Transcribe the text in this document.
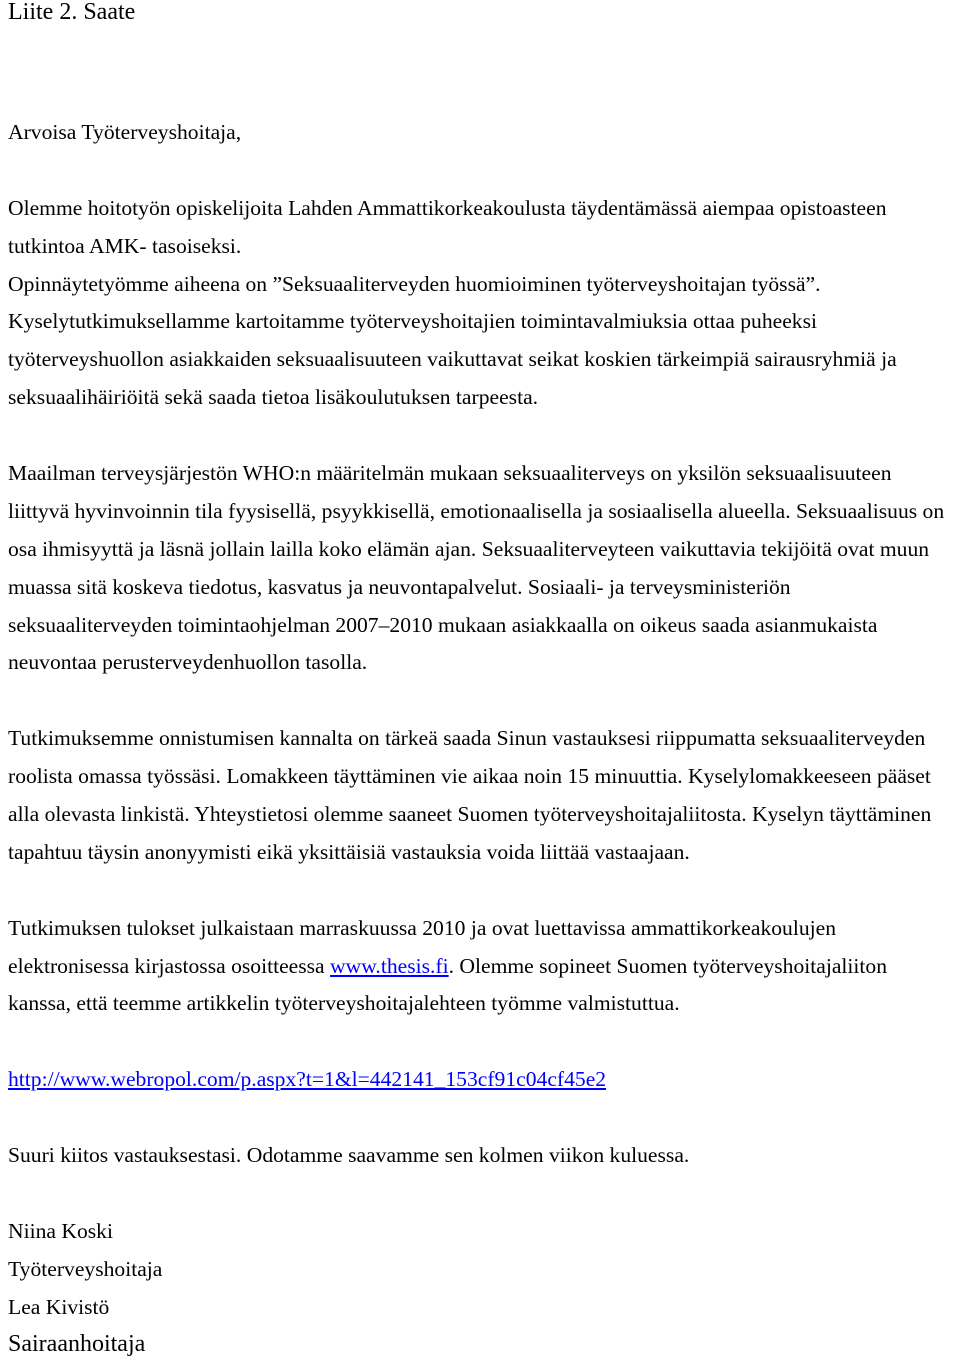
Liite 2. Saate
Arvoisa Työterveyshoitaja,
Olemme hoitotyön opiskelijoita Lahden Ammattikorkeakoulusta täydentämässä aiempaa opistoasteen
tutkintoa AMK- tasoiseksi.
Opinnäytetyömme aiheena on ”Seksuaaliterveyden huomioiminen työterveyshoitajan työssä”.
Kyselytutkimuksellamme kartoitamme työterveyshoitajien toimintavalmiuksia ottaa puheeksi
työterveyshuollon asiakkaiden seksuaalisuuteen vaikuttavat seikat koskien tärkeimpiä sairausryhmiä ja
seksuaalihäiriöitä sekä saada tietoa lisäkoulutuksen tarpeesta.
Maailman terveysjärjestön WHO:n määritelmän mukaan seksuaaliterveys on yksilön seksuaalisuuteen
liittyvä hyvinvoinnin tila fyysisellä, psyykkisellä, emotionaalisella ja sosiaalisella alueella. Seksuaalisuus on
osa ihmisyyttä ja läsnä jollain lailla koko elämän ajan. Seksuaaliterveyteen vaikuttavia tekijöitä ovat muun
muassa sitä koskeva tiedotus, kasvatus ja neuvontapalvelut. Sosiaali- ja terveysministeriön
seksuaaliterveyden toimintaohjelman 2007–2010 mukaan asiakkaalla on oikeus saada asianmukaista
neuvontaa perusterveydenhuollon tasolla.
Tutkimuksemme onnistumisen kannalta on tärkeä saada Sinun vastauksesi riippumatta seksuaaliterveyden
roolista omassa työssäsi. Lomakkeen täyttäminen vie aikaa noin 15 minuuttia. Kyselylomakkeeseen pääset
alla olevasta linkistä. Yhteystietosi olemme saaneet Suomen työterveyshoitajaliitosta. Kyselyn täyttäminen
tapahtuu täysin anonyymisti eikä yksittäisiä vastauksia voida liittää vastaajaan.
Tutkimuksen tulokset julkaistaan marraskuussa 2010 ja ovat luettavissa ammattikorkeakoulujen
elektronisessa kirjastossa osoitteessa www.thesis.fi. Olemme sopineet Suomen työterveyshoitajaliiton
kanssa, että teemme artikkelin työterveyshoitajalehteen työmme valmistuttua.
http://www.webropol.com/p.aspx?t=1&l=442141_153cf91c04cf45e2
Suuri kiitos vastauksestasi. Odotamme saavamme sen kolmen viikon kuluessa.
Niina Koski
Työterveyshoitaja
Lea Kivistö
Sairaanhoitaja
